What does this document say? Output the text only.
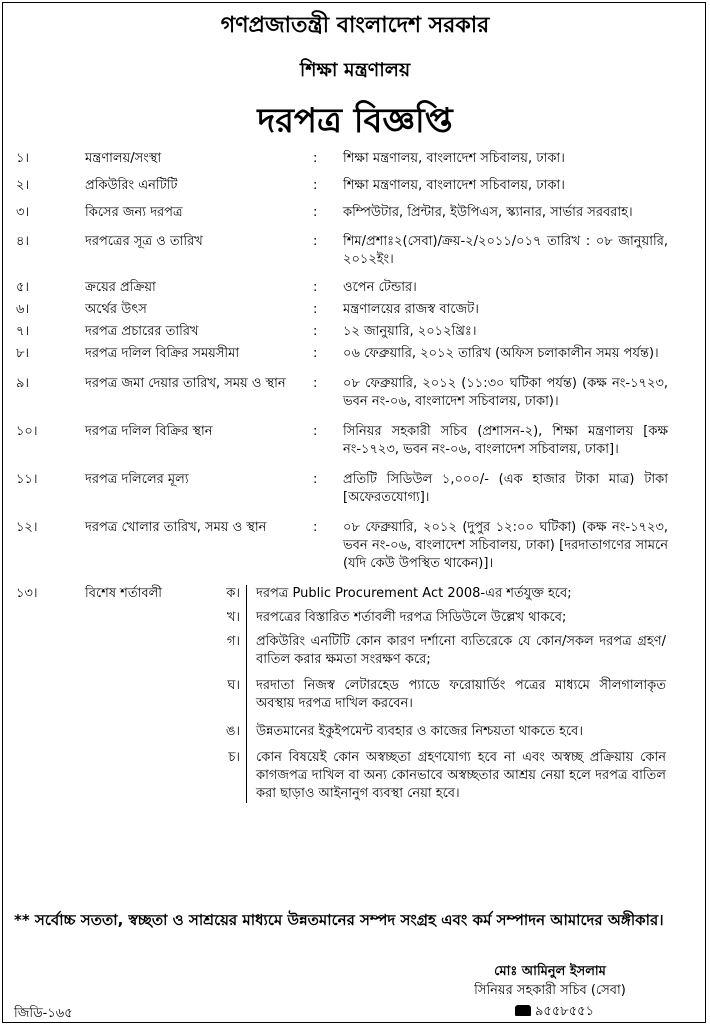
গণপ্রজাতন্ত্রী বাংলাদেশ সরকার
শিক্ষা মন্ত্রণালয়
দরপত্র বিজ্ঞপ্তি
১।	মন্ত্রণালয়/সংস্থা	: শিক্ষা মন্ত্রণালয়, বাংলাদেশ সচিবালয়, ঢাকা।
২।	প্রকিউরিং এনটিটি	: শিক্ষা মন্ত্রণালয়, বাংলাদেশ সচিবালয়, ঢাকা।
৩।	কিসের জন্য দরপত্র	: কম্পিউটার, প্রিন্টার, ইউপিএস, স্ক্যানার, সার্ভার সরবরাহ।
৪।	দরপত্রের সূত্র ও তারিখ	: শিম/প্রশাঃ২(সেবা)/ক্রয়-২/২০১১/০১৭ তারিখ : ০৮ জানুয়ারি, ২০১২ইং।
৫।	ক্রয়ের প্রক্রিয়া	: ওপেন টেন্ডার।
৬।	অর্থের উৎস	: মন্ত্রণালয়ের রাজস্ব বাজেট।
৭।	দরপত্র প্রচারের তারিখ	: ১২ জানুয়ারি, ২০১২খ্রিঃ।
৮।	দরপত্র দলিল বিক্রির সময়সীমা	: ০৬ ফেব্রুয়ারি, ২০১২ তারিখ (অফিস চলাকালীন সময় পর্যন্ত)।
৯।	দরপত্র জমা দেয়ার তারিখ, সময় ও স্থান	: ০৮ ফেব্রুয়ারি, ২০১২ (১১:৩০ ঘটিকা পর্যন্ত) (কক্ষ নং-১৭২৩, ভবন নং-০৬, বাংলাদেশ সচিবালয়, ঢাকা)।
১০।	দরপত্র দলিল বিক্রির স্থান	: সিনিয়র সহকারী সচিব (প্রশাসন-২), শিক্ষা মন্ত্রণালয় [কক্ষ নং-১৭২৩, ভবন নং-০৬, বাংলাদেশ সচিবালয়, ঢাকা]।
১১।	দরপত্র দলিলের মূল্য	: প্রতিটি সিডিউল ১,০০০/- (এক হাজার টাকা মাত্র) টাকা [অফেরতযোগ্য]।
১২।	দরপত্র খোলার তারিখ, সময় ও স্থান	: ০৮ ফেব্রুয়ারি, ২০১২ (দুপুর ১২:০০ ঘটিকা) (কক্ষ নং-১৭২৩, ভবন নং-০৬, বাংলাদেশ সচিবালয়, ঢাকা) [দরদাতাগণের সামনে (যদি কেউ উপস্থিত থাকেন)]।
১৩।	বিশেষ শর্তাবলী	ক। দরপত্র Public Procurement Act 2008-এর শর্তযুক্ত হবে;
খ। দরপত্রের বিস্তারিত শর্তাবলী দরপত্র সিডিউলে উল্লেখ থাকবে;
গ। প্রকিউরিং এনটিটি কোন কারণ দর্শানো ব্যতিরেকে যে কোন/সকল দরপত্র গ্রহণ/বাতিল করার ক্ষমতা সংরক্ষণ করে;
ঘ। দরদাতা নিজস্ব লেটারহেড প্যাডে ফরোয়ার্ডিং পত্রের মাধ্যমে সীলগালাকৃত অবস্থায় দরপত্র দাখিল করবেন।
ঙ। উন্নতমানের ইকুইপমেন্ট ব্যবহার ও কাজের নিশ্চয়তা থাকতে হবে।
চ। কোন বিষয়েই কোন অস্বচ্ছতা গ্রহণযোগ্য হবে না এবং অস্বচ্ছ প্রক্রিয়ায় কোন কাগজপত্র দাখিল বা অন্য কোনভাবে অস্বচ্ছতার আশ্রয় নেয়া হলে দরপত্র বাতিল করা ছাড়াও আইনানুগ ব্যবস্থা নেয়া হবে।
** সর্বোচ্চ সততা, স্বচ্ছতা ও সাশ্রয়ের মাধ্যমে উন্নতমানের সম্পদ সংগ্রহ এবং কর্ম সম্পাদন আমাদের অঙ্গীকার।
মোঃ আমিনুল ইসলাম
সিনিয়র সহকারী সচিব (সেবা)
৯৫৫৮৫৫১
জিডি-১৬৫
